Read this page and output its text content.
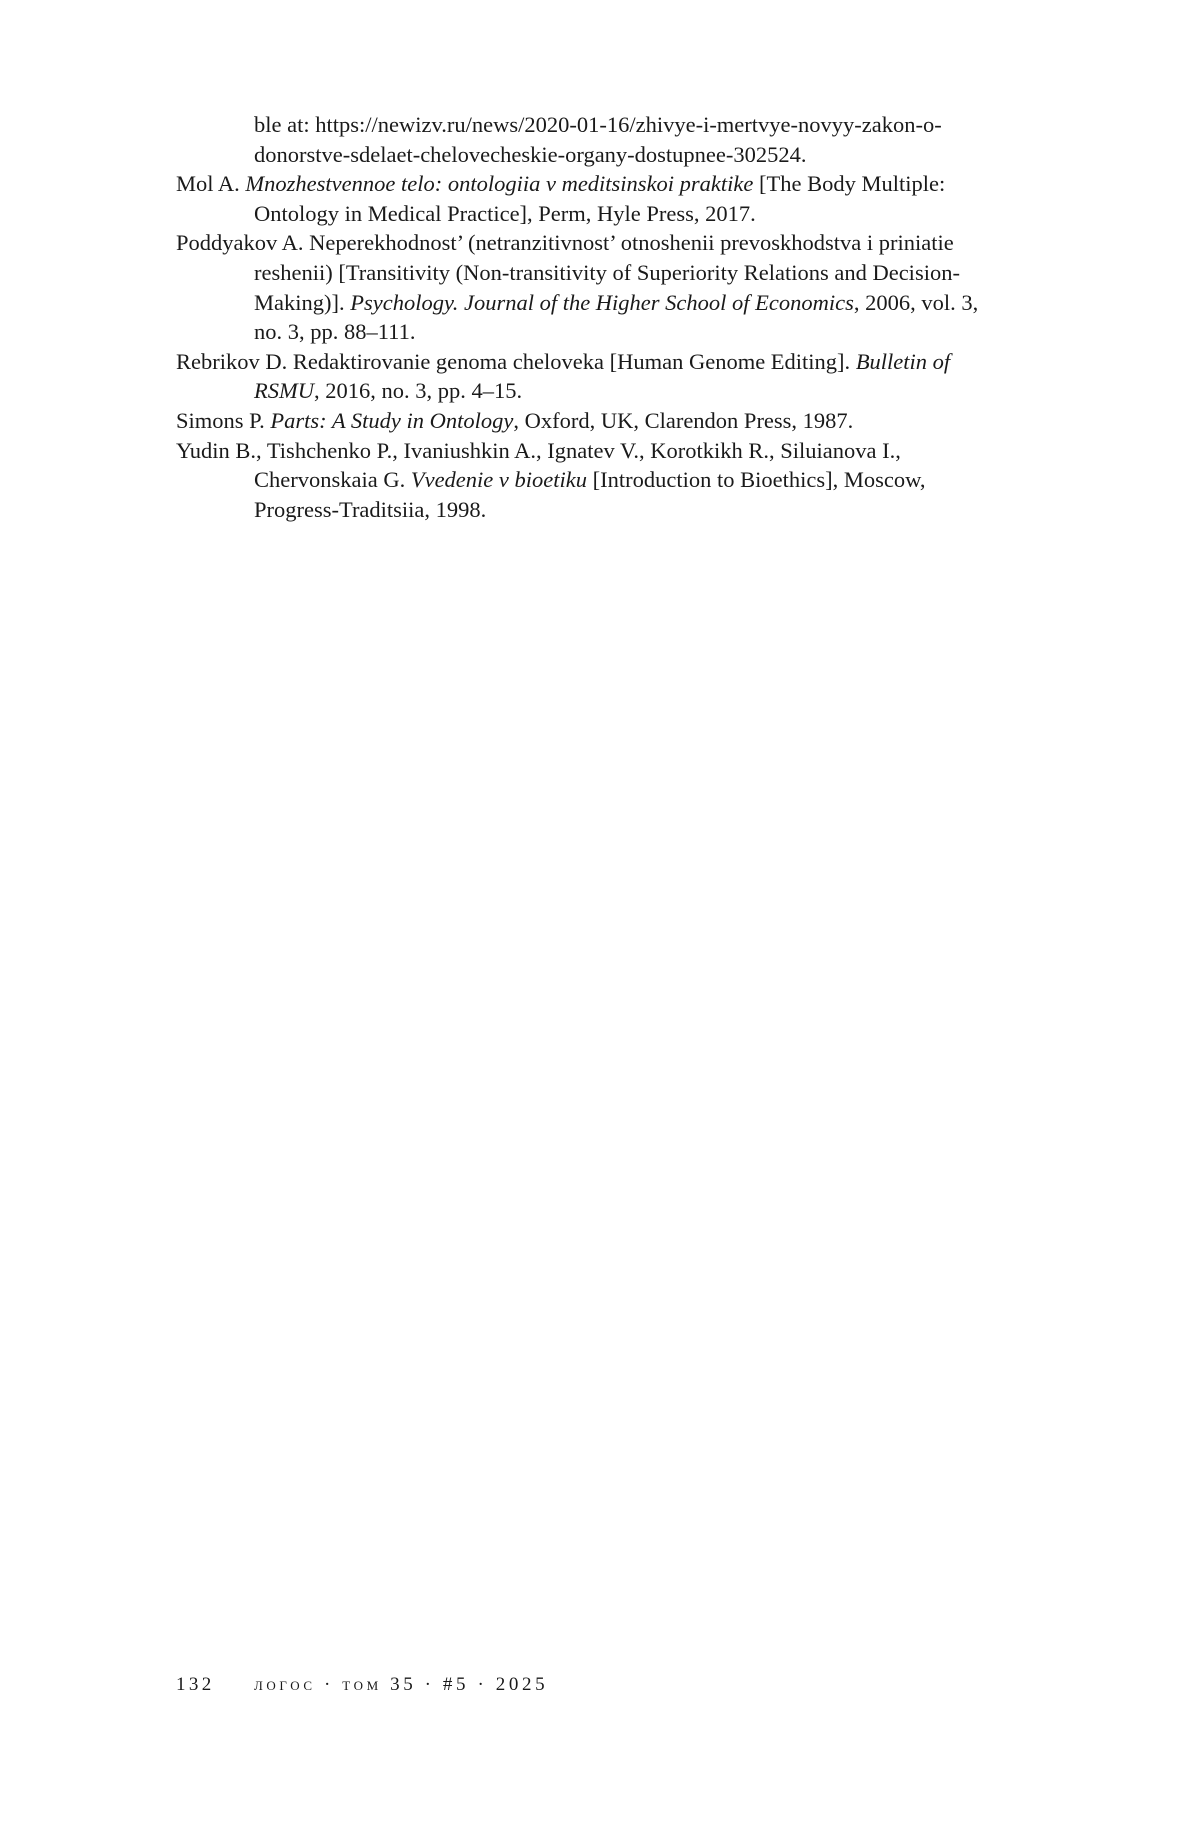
ble at: https://newizv.ru/news/2020-01-16/zhivye-i-mertvye-novyy-zakon-o-donorstve-sdelaet-chelovecheskie-organy-dostupnee-302524.

Mol A. Mnozhestvennoe telo: ontologiia v meditsinskoi praktike [The Body Multiple: Ontology in Medical Practice], Perm, Hyle Press, 2017.

Poddyakov A. Neperekhodnost’ (netranzitivnost’ otnoshenii prevoskhodstva i priniatie reshenii) [Transitivity (Non-transitivity of Superiority Relations and Decision-Making)]. Psychology. Journal of the Higher School of Economics, 2006, vol. 3, no. 3, pp. 88–111.

Rebrikov D. Redaktirovanie genoma cheloveka [Human Genome Editing]. Bulletin of RSMU, 2016, no. 3, pp. 4–15.

Simons P. Parts: A Study in Ontology, Oxford, UK, Clarendon Press, 1987.

Yudin B., Tishchenko P., Ivaniushkin A., Ignatev V., Korotkikh R., Siluianova I., Chervonskaia G. Vvedenie v bioetiku [Introduction to Bioethics], Moscow, Progress-Traditsiia, 1998.

132 логос · том 35 · #5 · 2025
